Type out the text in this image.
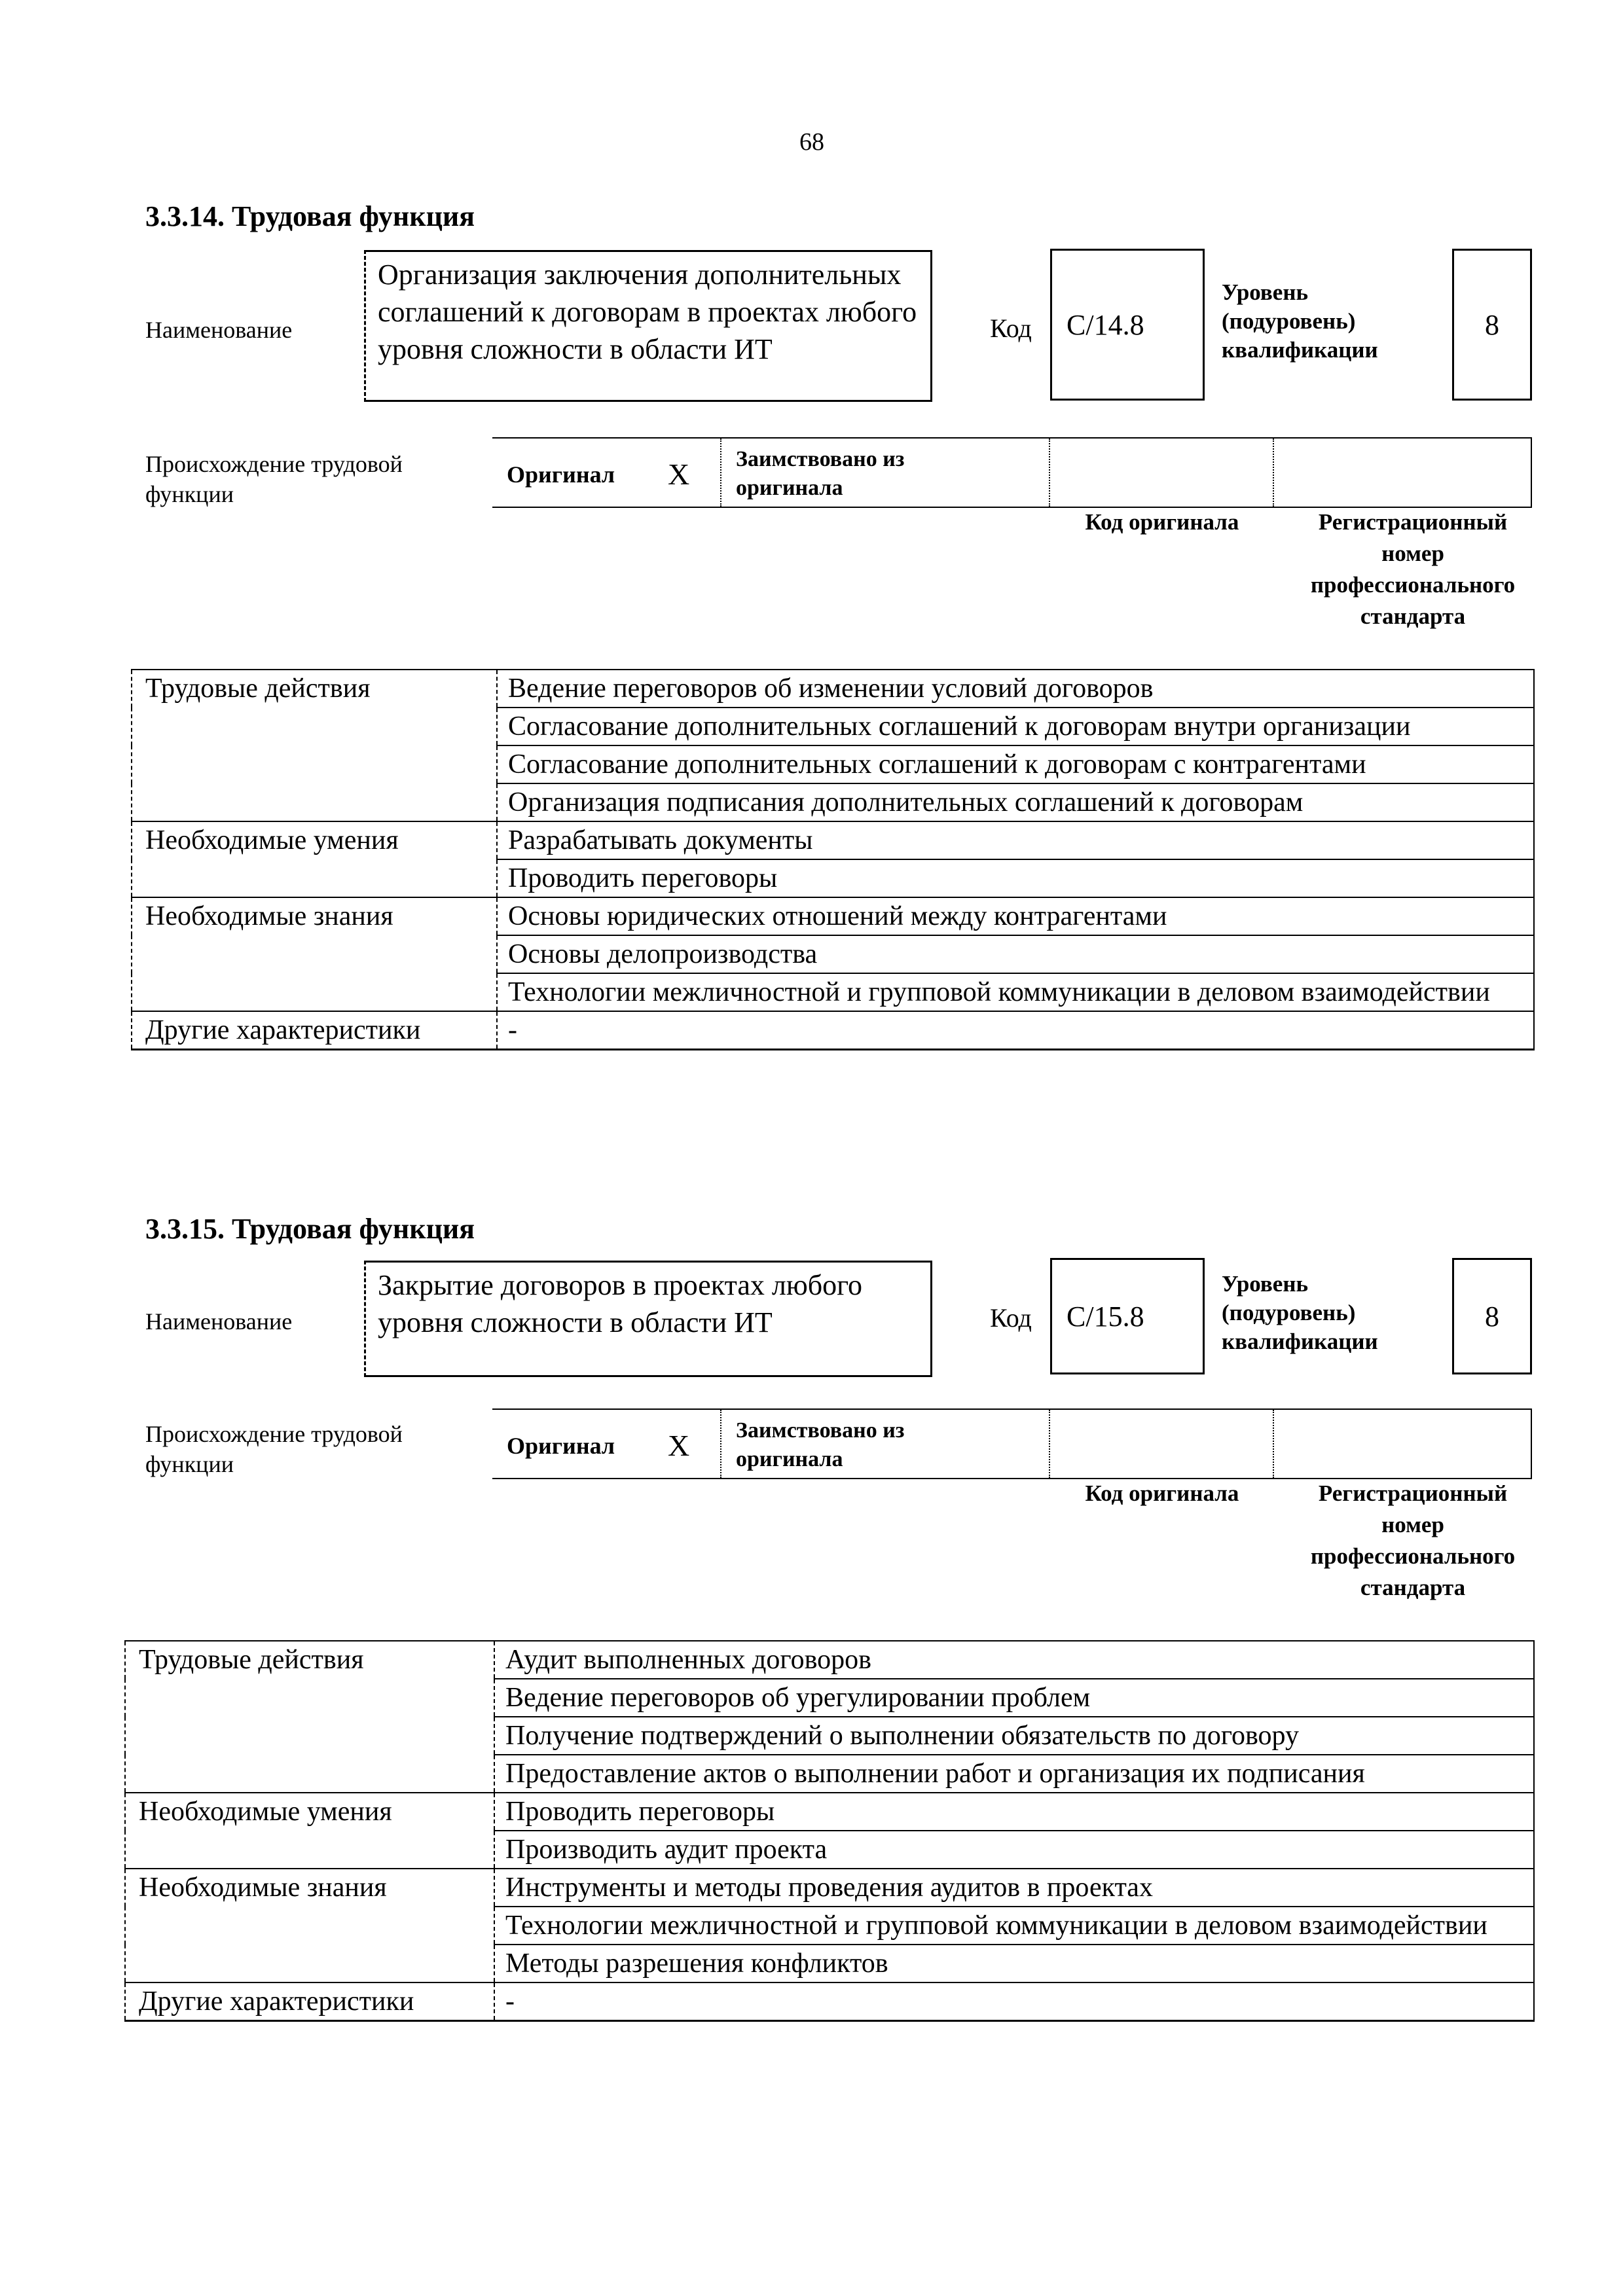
68
3.3.14. Трудовая функция
Наименование
Организация заключения дополнительных соглашений к договорам в проектах любого уровня сложности в области ИТ
Код C/14.8
Уровень (подуровень) квалификации
8
Происхождение трудовой функции
Оригинал X Заимствовано из оригинала
Код оригинала	Регистрационный номер профессионального стандарта
Трудовые действия	Ведение переговоров об изменении условий договоров
	Согласование дополнительных соглашений к договорам внутри организации
	Согласование дополнительных соглашений к договорам с контрагентами
	Организация подписания дополнительных соглашений к договорам
Необходимые умения	Разрабатывать документы
	Проводить переговоры
Необходимые знания	Основы юридических отношений между контрагентами
	Основы делопроизводства
	Технологии межличностной и групповой коммуникации в деловом взаимодействии
Другие характеристики	-
3.3.15. Трудовая функция
Наименование
Закрытие договоров в проектах любого уровня сложности в области ИТ	Код C/15.8
Уровень (подуровень) квалификации
8
Происхождение трудовой функции
Оригинал X Заимствовано из оригинала
Код оригинала	Регистрационный номер профессионального стандарта
Трудовые действия	Аудит выполненных договоров
	Ведение переговоров об урегулировании проблем
	Получение подтверждений о выполнении обязательств по договору
	Предоставление актов о выполнении работ и организация их подписания
Необходимые умения	Проводить переговоры
	Производить аудит проекта
Необходимые знания	Инструменты и методы проведения аудитов в проектах
	Технологии межличностной и групповой коммуникации в деловом взаимодействии
	Методы разрешения конфликтов
Другие характеристики	-
